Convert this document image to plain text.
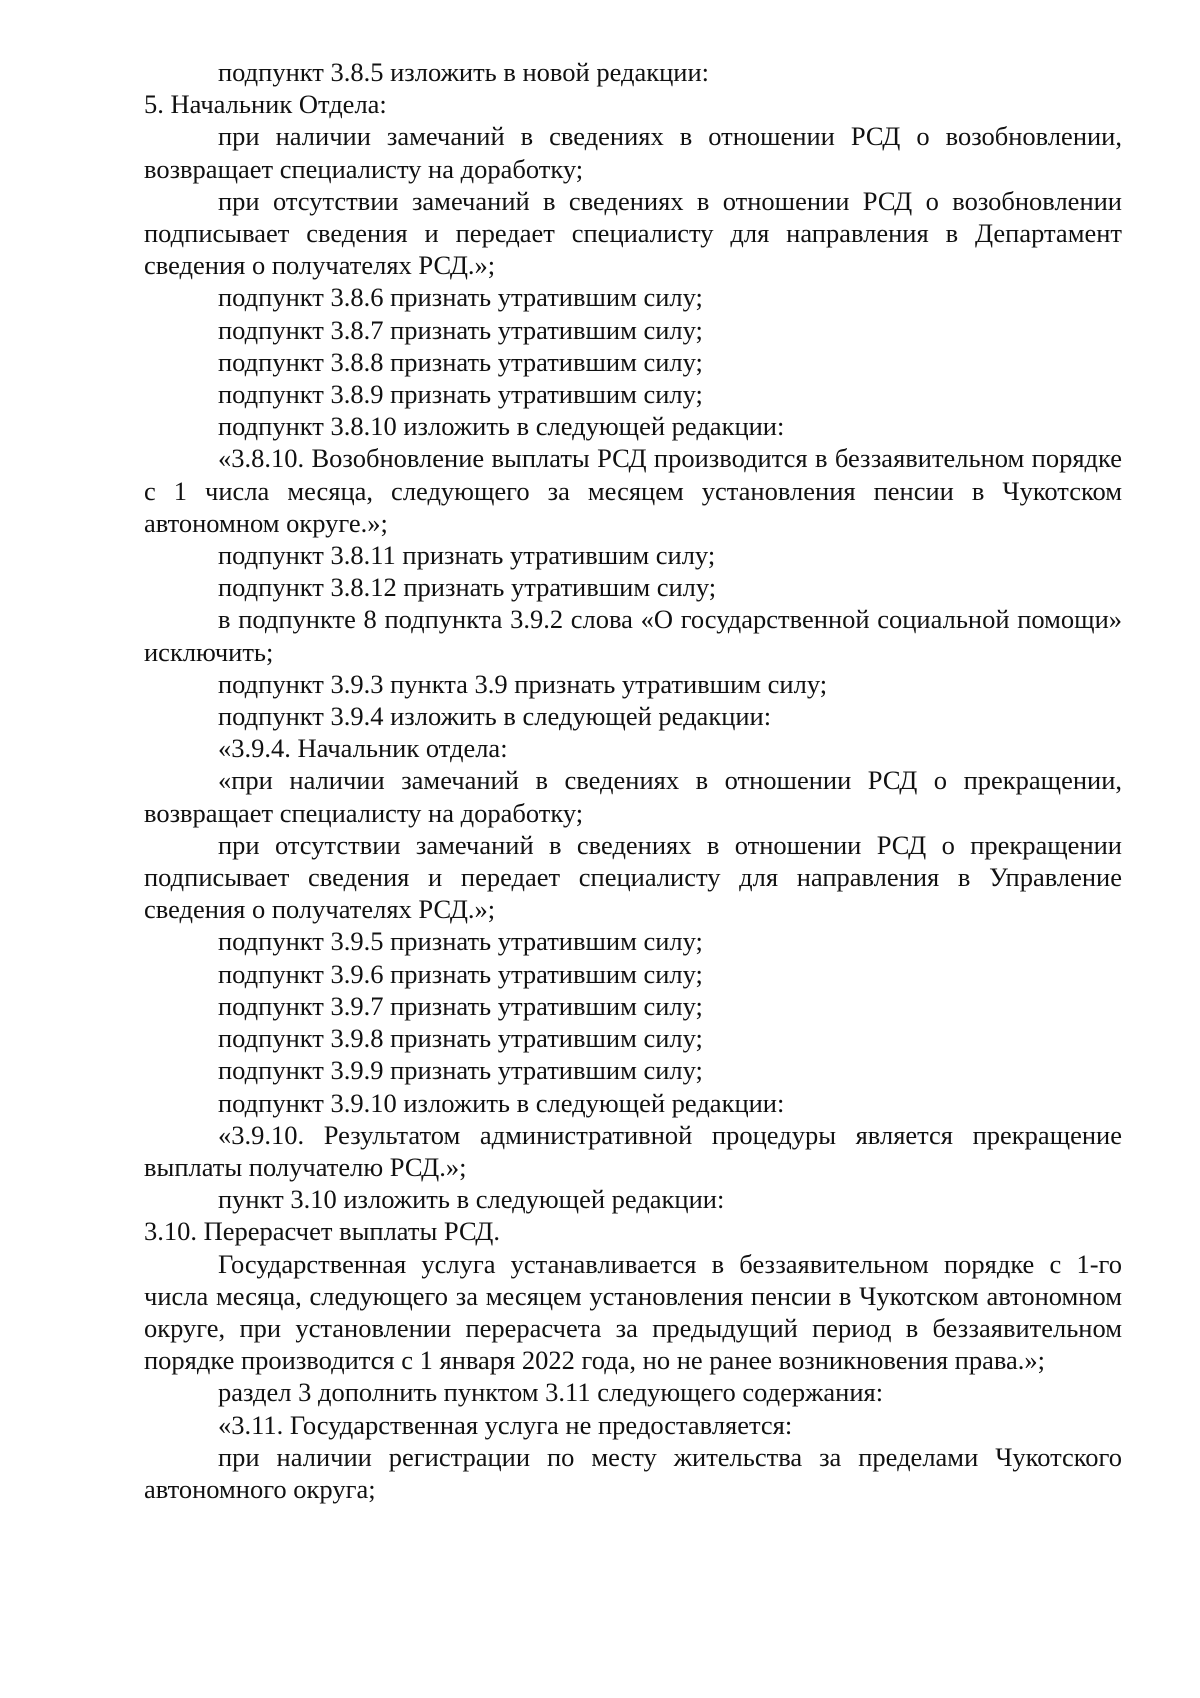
подпункт 3.8.5 изложить в новой редакции:

5. Начальник Отдела:

при наличии замечаний в сведениях в отношении РСД о возобновлении, возвращает специалисту на доработку;

при отсутствии замечаний в сведениях в отношении РСД о возобновлении подписывает сведения и передает специалисту для направления в Департамент сведения о получателях РСД.»;

подпункт 3.8.6 признать утратившим силу;

подпункт 3.8.7 признать утратившим силу;

подпункт 3.8.8 признать утратившим силу;

подпункт 3.8.9 признать утратившим силу;

подпункт 3.8.10 изложить в следующей редакции:

«3.8.10. Возобновление выплаты РСД производится в беззаявительном порядке с 1 числа месяца, следующего за месяцем установления пенсии в Чукотском автономном округе.»;

подпункт 3.8.11 признать утратившим силу;

подпункт 3.8.12 признать утратившим силу;

в подпункте 8 подпункта 3.9.2 слова «О государственной социальной помощи» исключить;

подпункт 3.9.3 пункта 3.9 признать утратившим силу;

подпункт 3.9.4 изложить в следующей редакции:

«3.9.4. Начальник отдела:

«при наличии замечаний в сведениях в отношении РСД о прекращении, возвращает специалисту на доработку;

при отсутствии замечаний в сведениях в отношении РСД о прекращении подписывает сведения и передает специалисту для направления в Управление сведения о получателях РСД.»;

подпункт 3.9.5 признать утратившим силу;

подпункт 3.9.6 признать утратившим силу;

подпункт 3.9.7 признать утратившим силу;

подпункт 3.9.8 признать утратившим силу;

подпункт 3.9.9 признать утратившим силу;

подпункт 3.9.10 изложить в следующей редакции:

«3.9.10. Результатом административной процедуры является прекращение выплаты получателю РСД.»;

пункт 3.10 изложить в следующей редакции:

3.10. Перерасчет выплаты РСД.

Государственная услуга устанавливается в беззаявительном порядке с 1-го числа месяца, следующего за месяцем установления пенсии в Чукотском автономном округе, при установлении перерасчета за предыдущий период в беззаявительном порядке производится с 1 января 2022 года, но не ранее возникновения права.»;

раздел 3 дополнить пунктом 3.11 следующего содержания:

«3.11. Государственная услуга не предоставляется:

при наличии регистрации по месту жительства за пределами Чукотского автономного округа;
